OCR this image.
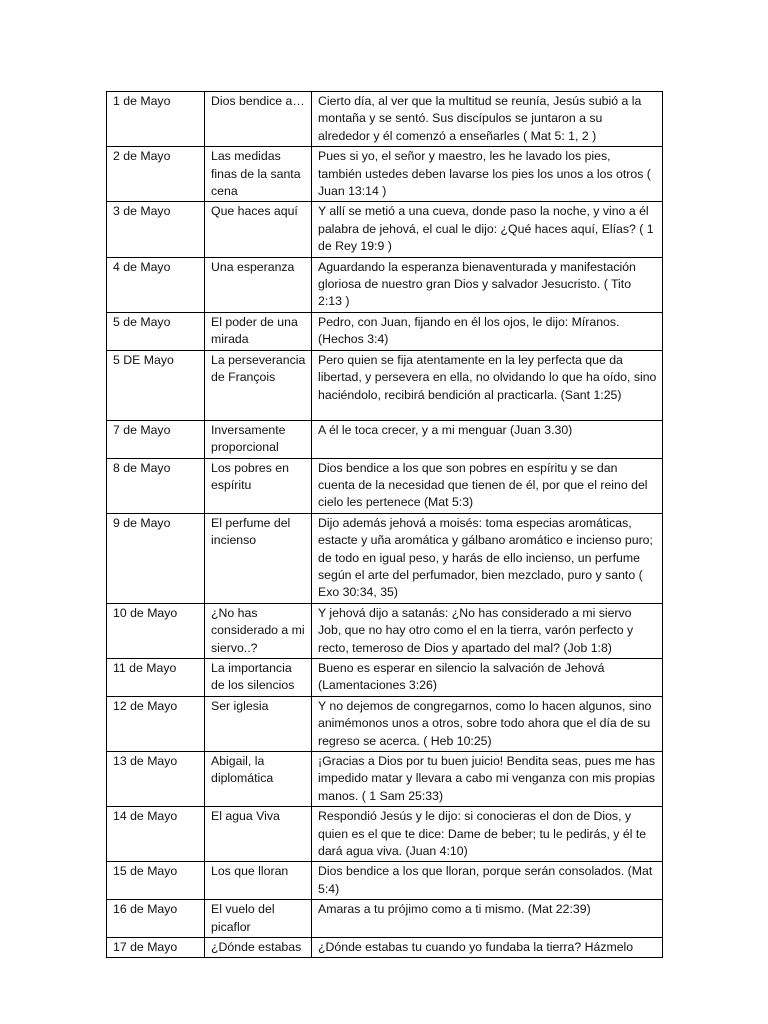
1 de Mayo	Dios bendice a…	Cierto día, al ver que la multitud se reunía, Jesús subió a la montaña y se sentó. Sus discípulos se juntaron a su alrededor y él comenzó a enseñarles ( Mat 5: 1, 2 )
2 de Mayo	Las medidas finas de la santa cena	Pues si yo, el señor y maestro, les he lavado los pies, también ustedes deben lavarse los pies los unos a los otros ( Juan 13:14 )
3 de Mayo	Que haces aquí	Y allí se metió a una cueva, donde paso la noche, y vino a él palabra de jehová, el cual le dijo: ¿Qué haces aquí, Elías? ( 1 de Rey 19:9 )
4 de Mayo	Una esperanza	Aguardando la esperanza bienaventurada y manifestación gloriosa de nuestro gran Dios y salvador Jesucristo. ( Tito 2:13 )
5 de Mayo	El poder de una mirada	Pedro, con Juan, fijando en él los ojos, le dijo: Míranos. (Hechos 3:4)
5 DE Mayo	La perseverancia de François	Pero quien se fija atentamente en la ley perfecta que da libertad, y persevera en ella, no olvidando lo que ha oído, sino haciéndolo, recibirá bendición al practicarla. (Sant 1:25)
7 de Mayo	Inversamente proporcional	A él le toca crecer, y a mi menguar (Juan 3.30)
8 de Mayo	Los pobres en espíritu	Dios bendice a los que son pobres en espíritu y se dan cuenta de la necesidad que tienen de él, por que el reino del cielo les pertenece (Mat 5:3)
9 de Mayo	El perfume del incienso	Dijo además jehová a moisés: toma especias aromáticas, estacte y uña aromática y gálbano aromático e incienso puro; de todo en igual peso, y harás de ello incienso, un perfume según el arte del perfumador, bien mezclado, puro y santo ( Exo 30:34, 35)
10 de Mayo	¿No has considerado a mi siervo..?	Y jehová dijo a satanás: ¿No has considerado a mi siervo Job, que no hay otro como el en la tierra, varón perfecto y recto, temeroso de Dios y apartado del mal? (Job 1:8)
11 de Mayo	La importancia de los silencios	Bueno es esperar en silencio la salvación de Jehová (Lamentaciones 3:26)
12 de Mayo	Ser iglesia	Y no dejemos de congregarnos, como lo hacen algunos, sino animémonos unos a otros, sobre todo ahora que el día de su regreso se acerca. ( Heb 10:25)
13 de Mayo	Abigail, la diplomática	¡Gracias a Dios por tu buen juicio! Bendita seas, pues me has impedido matar y llevara a cabo mi venganza con mis propias manos. ( 1 Sam 25:33)
14 de Mayo	El agua Viva	Respondió Jesús y le dijo: si conocieras el don de Dios, y quien es el que te dice: Dame de beber; tu le pedirás, y él te dará agua viva. (Juan 4:10)
15 de Mayo	Los que lloran	Dios bendice a los que lloran, porque serán consolados. (Mat 5:4)
16 de Mayo	El vuelo del picaflor	Amaras a tu prójimo como a ti mismo. (Mat 22:39)
17 de Mayo	¿Dónde estabas	¿Dónde estabas tu cuando yo fundaba la tierra? Házmelo
